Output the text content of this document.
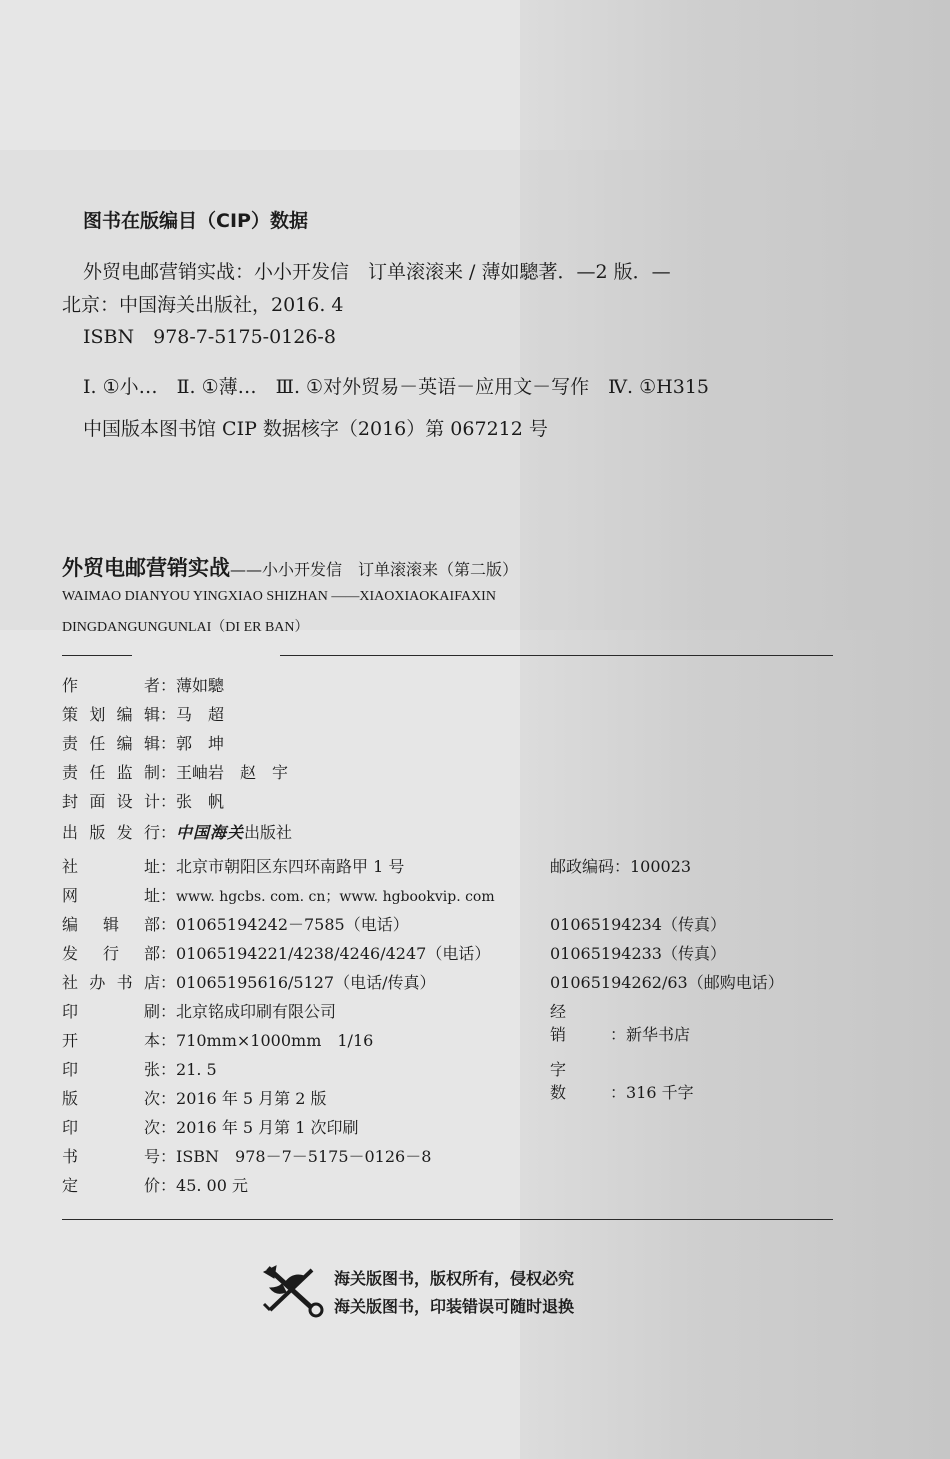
图书在版编目（CIP）数据
外贸电邮营销实战：小小开发信　订单滚滚来 / 薄如驄著．—2 版．—
北京：中国海关出版社，2016. 4
ISBN　978-7-5175-0126-8
Ⅰ. ①小…　Ⅱ. ①薄…　Ⅲ. ①对外贸易－英语－应用文－写作　Ⅳ. ①H315
中国版本图书馆 CIP 数据核字（2016）第 067212 号
外贸电邮营销实战——小小开发信　订单滚滚来（第二版）
WAIMAO DIANYOU YINGXIAO SHIZHAN ——XIAOXIAOKAIFAXIN
DINGDANGUNGUNLAI（DI ER BAN）
作　者：薄如驄
策划编辑：马　超
责任编辑：郭　坤
责任监制：王岫岩　赵　宇
封面设计：张　帆
出版发行：中国海关出版社
社　址：北京市朝阳区东四环南路甲 1 号
网　址：www. hgcbs. com. cn；www. hgbookvip. com
编辑部：01065194242－7585（电话）
发行部：01065194221/4238/4246/4247（电话）
社办书店：01065195616/5127（电话/传真）
印　刷：北京铭成印刷有限公司
开　本：710mm×1000mm　1/16
印　张：21. 5
版　次：2016 年 5 月第 2 版
印　次：2016 年 5 月第 1 次印刷
书　号：ISBN　978－7－5175－0126－8
定　价：45. 00 元
邮政编码：100023
01065194234（传真）
01065194233（传真）
01065194262/63（邮购电话）
经　　销	：新华书店
字　　数	：316 千字
海关版图书，版权所有，侵权必究
海关版图书，印装错误可随时退换
